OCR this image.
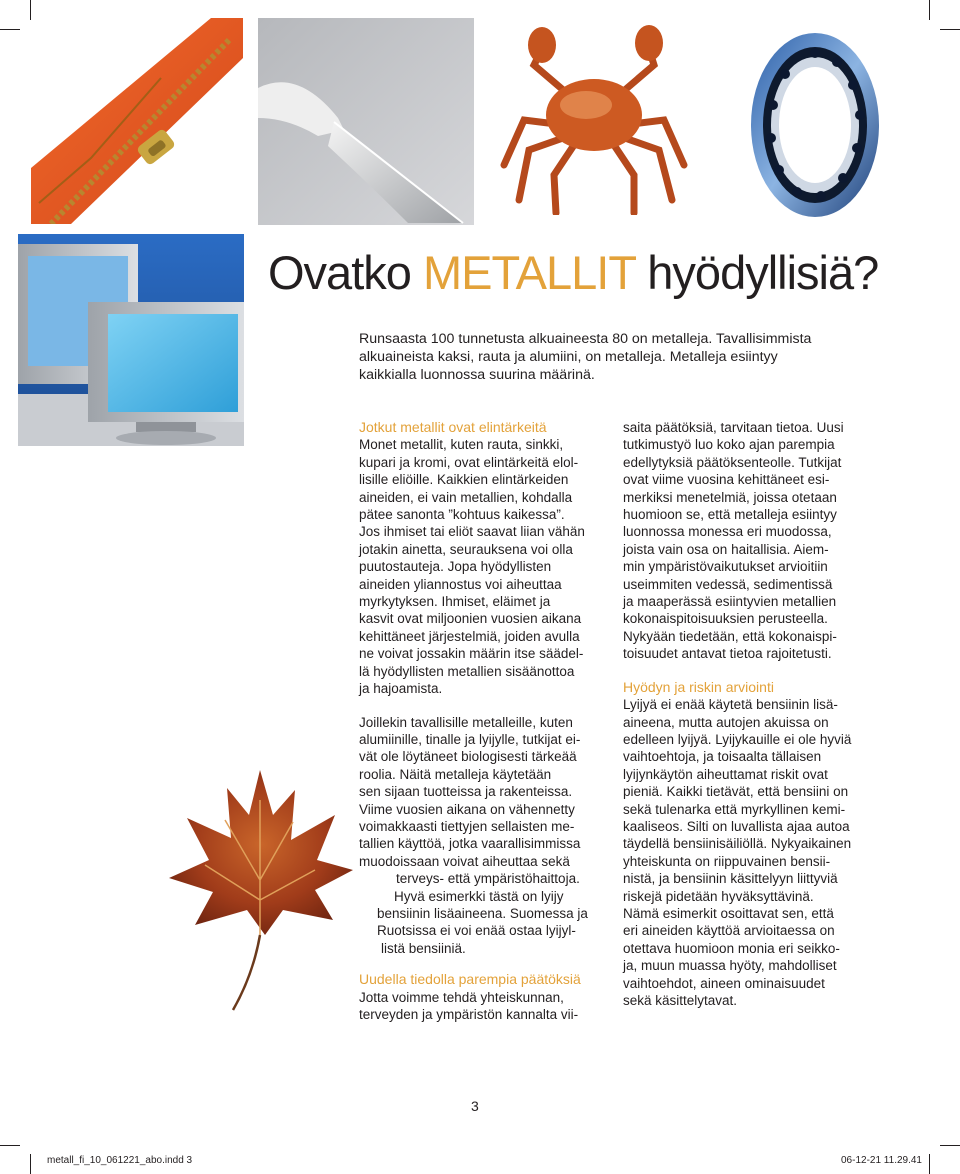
Ovatko METALLIT hyödyllisiä?
Runsaasta 100 tunnetusta alkuaineesta 80 on metalleja. Tavallisimmista
alkuaineista kaksi, rauta ja alumiini, on metalleja. Metalleja esiintyy
kaikkialla luonnossa suurina määrinä.
Jotkut metallit ovat elintärkeitä

Monet metallit, kuten rauta, sinkki,
kupari ja kromi, ovat elintärkeitä elol-
lisille eliöille. Kaikkien elintärkeiden
aineiden, ei vain metallien, kohdalla
pätee sanonta ”kohtuus kaikessa”.
Jos ihmiset tai eliöt saavat liian vähän
jotakin ainetta, seurauksena voi olla
puutostauteja. Jopa hyödyllisten
aineiden yliannostus voi aiheuttaa
myrkytyksen. Ihmiset, eläimet ja
kasvit ovat miljoonien vuosien aikana
kehittäneet järjestelmiä, joiden avulla
ne voivat jossakin määrin itse säädel-
lä hyödyllisten metallien sisäänottoa
ja hajoamista.

Joillekin tavallisille metalleille, kuten
alumiinille, tinalle ja lyijylle, tutkijat ei-
vät ole löytäneet biologisesti tärkeää
roolia. Näitä metalleja käytetään
sen sijaan tuotteissa ja rakenteissa.
Viime vuosien aikana on vähennetty
voimakkaasti tiettyjen sellaisten me-
tallien käyttöä, jotka vaarallisimmissa
muodoissaan voivat aiheuttaa sekä
terveys- että ympäristöhaittoja.
Hyvä esimerkki tästä on lyijy
bensiinin lisäaineena. Suomessa ja
Ruotsissa ei voi enää ostaa lyijyl-
listä bensiiniä.

Uudella tiedolla parempia päätöksiä

Jotta voimme tehdä yhteiskunnan,
terveyden ja ympäristön kannalta vii-

saita päätöksiä, tarvitaan tietoa. Uusi
tutkimustyö luo koko ajan parempia
edellytyksiä päätöksenteolle. Tutkijat
ovat viime vuosina kehittäneet esi-
merkiksi menetelmiä, joissa otetaan
huomioon se, että metalleja esiintyy
luonnossa monessa eri muodossa,
joista vain osa on haitallisia. Aiem-
min ympäristövaikutukset arvioitiin
useimmiten vedessä, sedimentissä
ja maaperässä esiintyvien metallien
kokonaispitoisuuksien perusteella.
Nykyään tiedetään, että kokonaispi-
toisuudet antavat tietoa rajoitetusti.

Hyödyn ja riskin arviointi

Lyijyä ei enää käytetä bensiinin lisä-
aineena, mutta autojen akuissa on
edelleen lyijyä. Lyijykauille ei ole hyviä
vaihtoehtoja, ja toisaalta tällaisen
lyijynkäytön aiheuttamat riskit ovat
pieniä. Kaikki tietävät, että bensiini on
sekä tulenarka että myrkyllinen kemi-
kaaliseos. Silti on luvallista ajaa autoa
täydellä bensiinisäiliöllä. Nykyaikainen
yhteiskunta on riippuvainen bensii-
nistä, ja bensiinin käsittelyyn liittyviä
riskejä pidetään hyväksyttävinä.
Nämä esimerkit osoittavat sen, että
eri aineiden käyttöä arvioitaessa on
otettava huomioon monia eri seikko-
ja, muun muassa hyöty, mahdolliset
vaihtoehdot, aineen ominaisuudet
sekä käsittelytavat.

3
metall_fi_10_061221_abo.indd 3	06-12-21 11.29.41
